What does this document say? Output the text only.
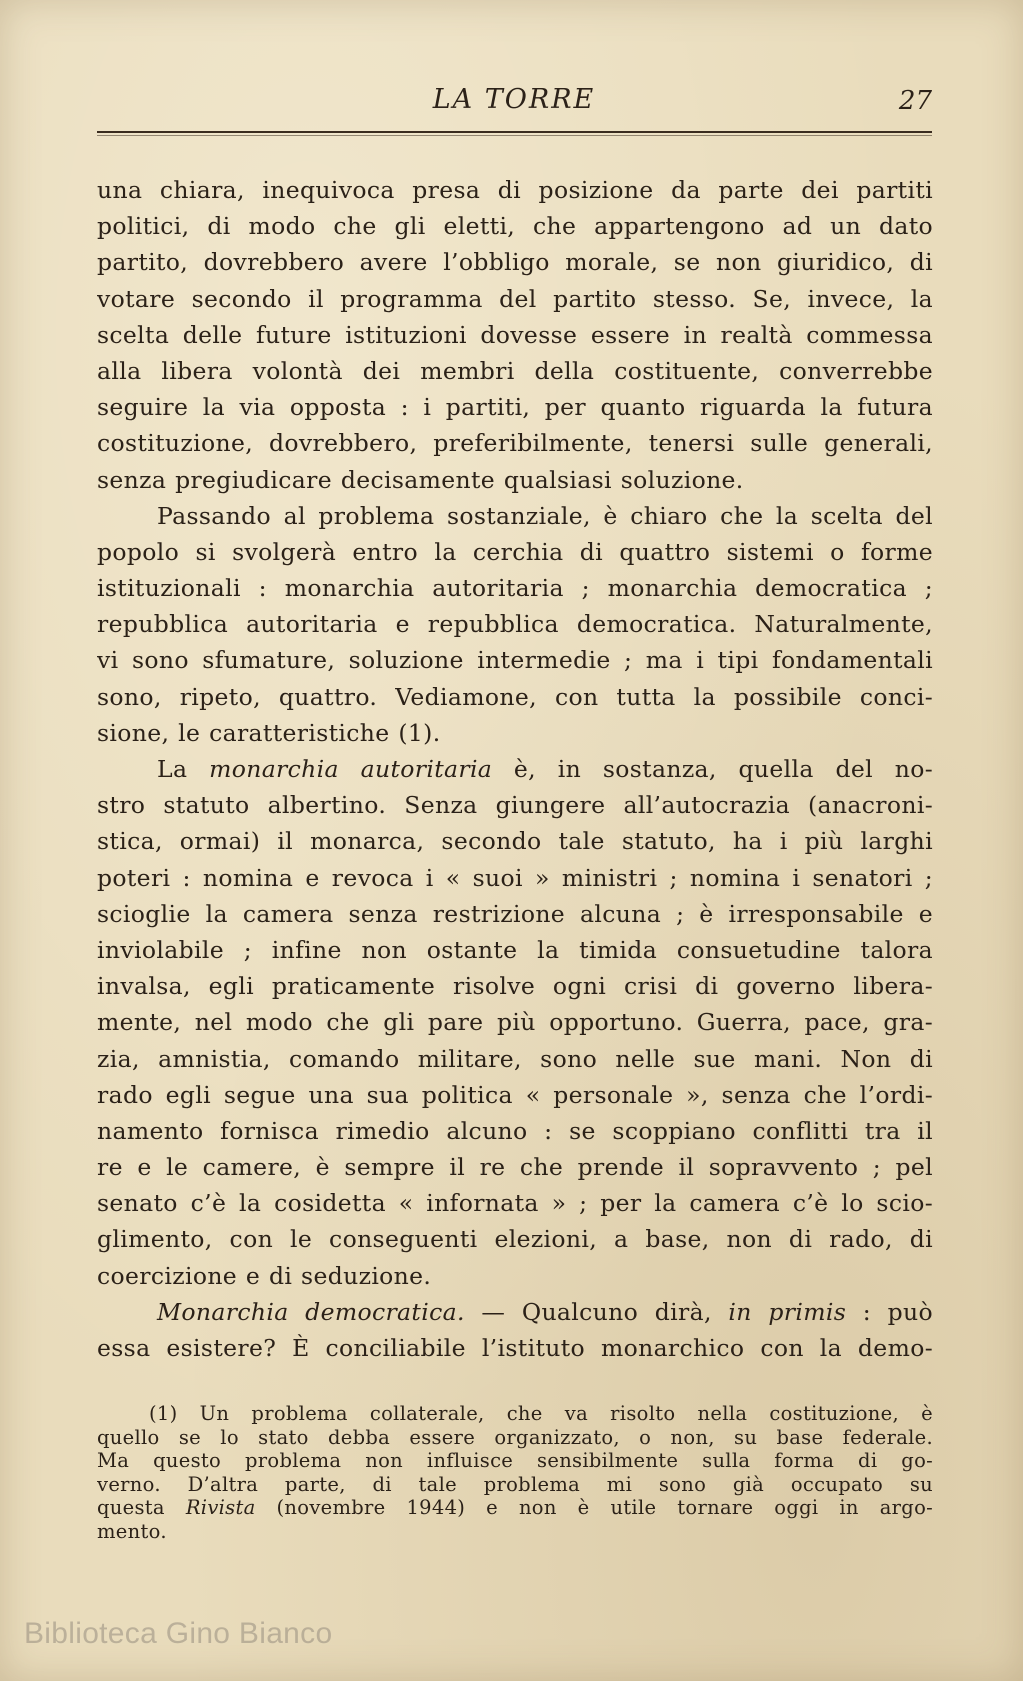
LA TORRE	27
una chiara, inequivoca presa di posizione da parte dei partiti
politici, di modo che gli eletti, che appartengono ad un dato
partito, dovrebbero avere l’obbligo morale, se non giuridico, di
votare secondo il programma del partito stesso. Se, invece, la
scelta delle future istituzioni dovesse essere in realtà commessa
alla libera volontà dei membri della costituente, converrebbe
seguire la via opposta : i partiti, per quanto riguarda la futura
costituzione, dovrebbero, preferibilmente, tenersi sulle generali,
senza pregiudicare decisamente qualsiasi soluzione.
Passando al problema sostanziale, è chiaro che la scelta del
popolo si svolgerà entro la cerchia di quattro sistemi o forme
istituzionali : monarchia autoritaria ; monarchia democratica ;
repubblica autoritaria e repubblica democratica. Naturalmente,
vi sono sfumature, soluzione intermedie ; ma i tipi fondamentali
sono, ripeto, quattro. Vediamone, con tutta la possibile conci-
sione, le caratteristiche (1).
La monarchia autoritaria è, in sostanza, quella del no-
stro statuto albertino. Senza giungere all’autocrazia (anacroni-
stica, ormai) il monarca, secondo tale statuto, ha i più larghi
poteri : nomina e revoca i « suoi » ministri ; nomina i senatori ;
scioglie la camera senza restrizione alcuna ; è irresponsabile e
inviolabile ; infine non ostante la timida consuetudine talora
invalsa, egli praticamente risolve ogni crisi di governo libera-
mente, nel modo che gli pare più opportuno. Guerra, pace, gra-
zia, amnistia, comando militare, sono nelle sue mani. Non di
rado egli segue una sua politica « personale », senza che l’ordi-
namento fornisca rimedio alcuno : se scoppiano conflitti tra il
re e le camere, è sempre il re che prende il sopravvento ; pel
senato c’è la cosidetta « infornata » ; per la camera c’è lo scio-
glimento, con le conseguenti elezioni, a base, non di rado, di
coercizione e di seduzione.
Monarchia democratica. — Qualcuno dirà, in primis : può
essa esistere? È conciliabile l’istituto monarchico con la demo-
(1) Un problema collaterale, che va risolto nella costituzione, è
quello se lo stato debba essere organizzato, o non, su base federale.
Ma questo problema non influisce sensibilmente sulla forma di go-
verno. D’altra parte, di tale problema mi sono già occupato su
questa Rivista (novembre 1944) e non è utile tornare oggi in argo-
mento.
Biblioteca Gino Bianco
